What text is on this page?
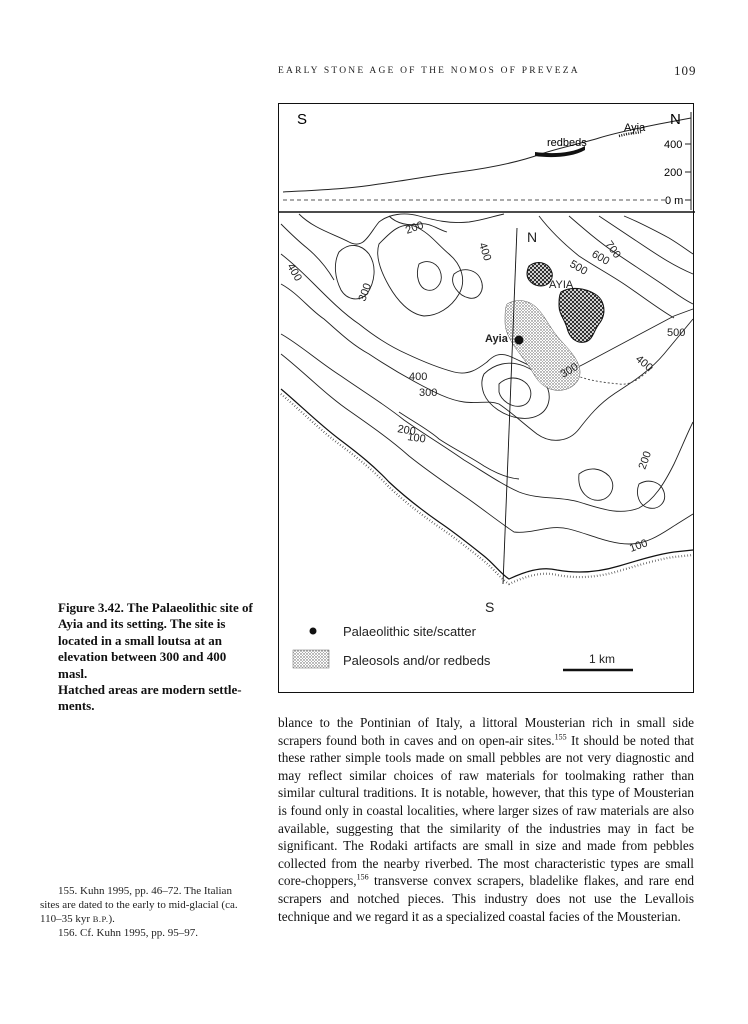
EARLY STONE AGE OF THE NOMOS OF PREVEZA	109
S	N
redbeds
Ayia
400
200
0 m
N
S
AYIA
Ayia
100
100
200
200
200
300
300
300
400
400
400
400
500
500
600
700
Palaeolithic site/scatter
Paleosols and/or redbeds	1 km
Figure 3.42. The Palaeolithic site of
Ayia and its setting. The site is
located in a small loutsa at an
elevation between 300 and 400 masl.
Hatched areas are modern settle-
ments.
blance to the Pontinian of Italy, a littoral Mousterian rich in small side scrapers found both in caves and on open-air sites.$^{155}$ It should be noted that these rather simple tools made on small pebbles are not very diagnostic and may reflect similar choices of raw materials for toolmaking rather than similar cultural traditions. It is notable, however, that this type of Mousterian is found only in coastal localities, where larger sizes of raw materials are also available, suggesting that the similarity of the industries may in fact be significant. The Rodaki artifacts are small in size and made from pebbles collected from the nearby riverbed. The most characteristic types are small core-choppers,$^{156}$ transverse convex scrapers, bladelike flakes, and rare end scrapers and notched pieces. This industry does not use the Levallois technique and we regard it as a specialized coastal facies of the Mousterian.
155. Kuhn 1995, pp. 46–72. The Italian sites are dated to the early to mid-glacial (ca. 110–35 kyr B.P.).
156. Cf. Kuhn 1995, pp. 95–97.
